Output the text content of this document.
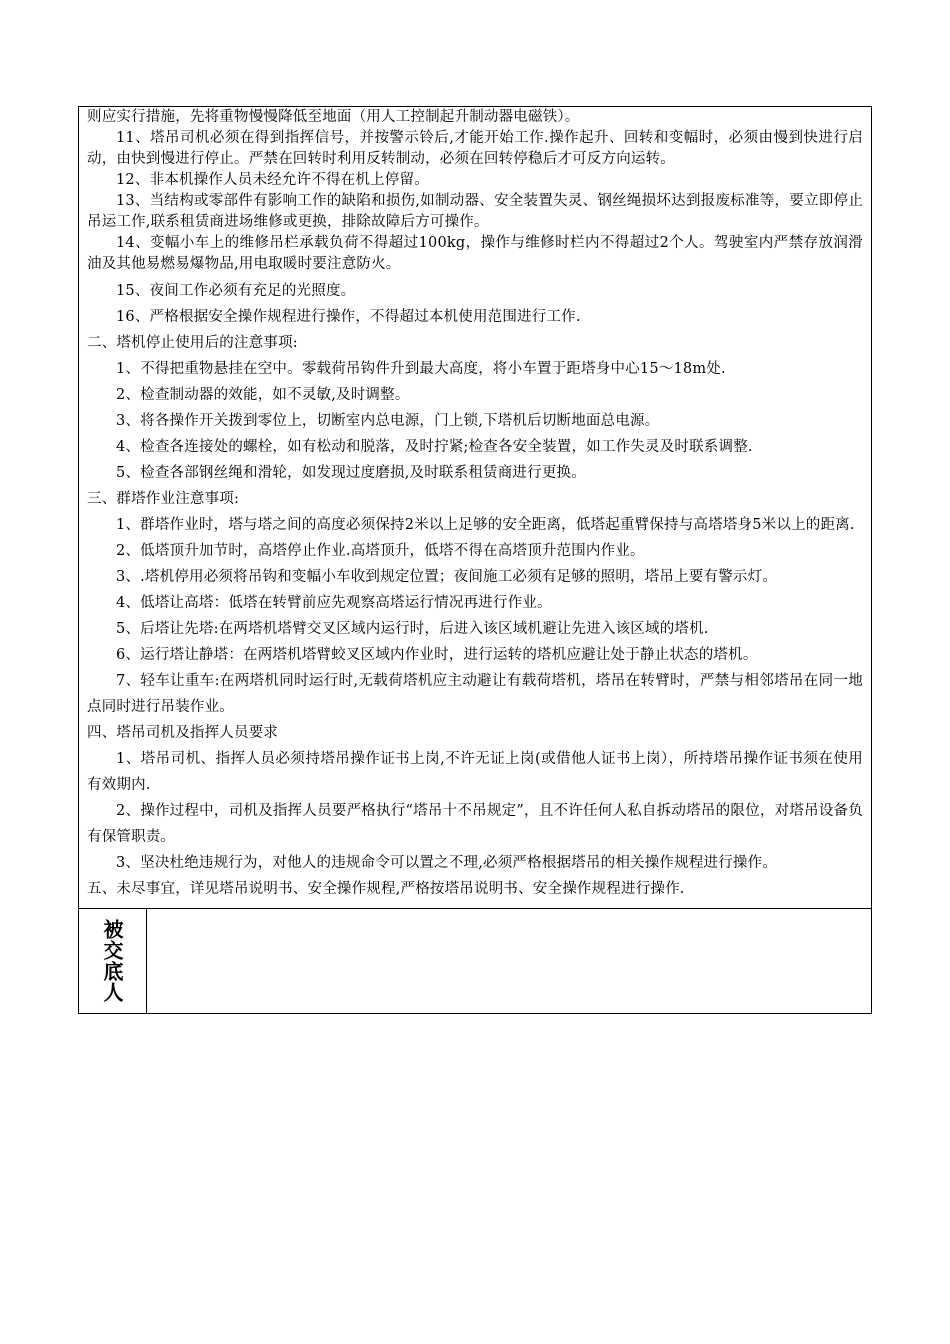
则应实行措施，先将重物慢慢降低至地面（用人工控制起升制动器电磁铁）。

11、塔吊司机必须在得到指挥信号，并按警示铃后,才能开始工作.操作起升、回转和变幅时，必须由慢到快进行启动，由快到慢进行停止。严禁在回转时利用反转制动，必须在回转停稳后才可反方向运转。

12、非本机操作人员未经允许不得在机上停留。

13、当结构或零部件有影响工作的缺陷和损伤,如制动器、安全装置失灵、钢丝绳损坏达到报废标准等，要立即停止吊运工作,联系租赁商进场维修或更换，排除故障后方可操作。

14、变幅小车上的维修吊栏承载负荷不得超过100kg，操作与维修时栏内不得超过2个人。驾驶室内严禁存放润滑油及其他易燃易爆物品,用电取暖时要注意防火。

15、夜间工作必须有充足的光照度。

16、严格根据安全操作规程进行操作，不得超过本机使用范围进行工作.

二、塔机停止使用后的注意事项:

1、不得把重物悬挂在空中。零载荷吊钩件升到最大高度，将小车置于距塔身中心15～18m处.

2、检查制动器的效能，如不灵敏,及时调整。

3、将各操作开关拨到零位上，切断室内总电源，门上锁,下塔机后切断地面总电源。

4、检查各连接处的螺栓，如有松动和脱落，及时拧紧;检查各安全装置，如工作失灵及时联系调整.

5、检查各部钢丝绳和滑轮，如发现过度磨损,及时联系租赁商进行更换。

三、群塔作业注意事项:

1、群塔作业时，塔与塔之间的高度必须保持2米以上足够的安全距离，低塔起重臂保持与高塔塔身5米以上的距离.

2、低塔顶升加节时，高塔停止作业.高塔顶升，低塔不得在高塔顶升范围内作业。

3、.塔机停用必须将吊钩和变幅小车收到规定位置；夜间施工必须有足够的照明，塔吊上要有警示灯。

4、低塔让高塔：低塔在转臂前应先观察高塔运行情况再进行作业。

5、后塔让先塔:在两塔机塔臂交叉区域内运行时，后进入该区域机避让先进入该区域的塔机.

6、运行塔让静塔：在两塔机塔臂蛟叉区域内作业时，进行运转的塔机应避让处于静止状态的塔机。

7、轻车让重车:在两塔机同时运行时,无载荷塔机应主动避让有载荷塔机，塔吊在转臂时，严禁与相邻塔吊在同一地点同时进行吊装作业。

四、塔吊司机及指挥人员要求

1、塔吊司机、指挥人员必须持塔吊操作证书上岗,不许无证上岗(或借他人证书上岗），所持塔吊操作证书须在使用有效期内.

2、操作过程中，司机及指挥人员要严格执行“塔吊十不吊规定”，且不许任何人私自拆动塔吊的限位，对塔吊设备负有保管职责。

3、坚决杜绝违规行为，对他人的违规命令可以置之不理,必须严格根据塔吊的相关操作规程进行操作。

五、未尽事宜，详见塔吊说明书、安全操作规程,严格按塔吊说明书、安全操作规程进行操作.

被交底人
